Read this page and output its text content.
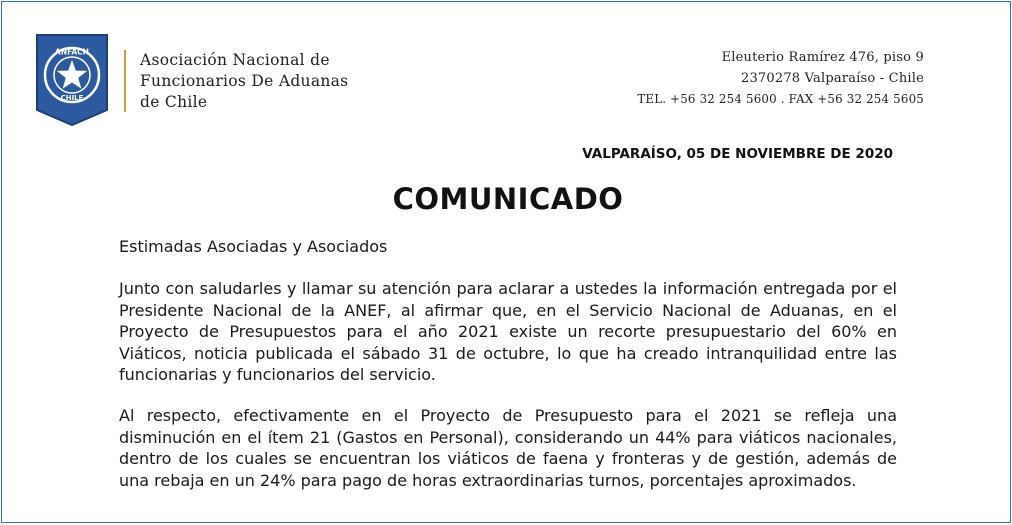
ANFACH
CHILE
Asociación Nacional de
Funcionarios De Aduanas
de Chile
Eleuterio Ramírez 476, piso 9
2370278 Valparaíso - Chile
TEL. +56 32 254 5600 . FAX +56 32 254 5605
VALPARAÍSO, 05 DE NOVIEMBRE DE 2020
COMUNICADO
Estimadas Asociadas y Asociados
Junto con saludarles y llamar su atención para aclarar a ustedes la información entregada por el Presidente Nacional de la ANEF, al afirmar que, en el Servicio Nacional de Aduanas, en el Proyecto de Presupuestos para el año 2021 existe un recorte presupuestario del 60% en Viáticos, noticia publicada el sábado 31 de octubre, lo que ha creado intranquilidad entre las funcionarias y funcionarios del servicio.
Al respecto, efectivamente en el Proyecto de Presupuesto para el 2021 se refleja una disminución en el ítem 21 (Gastos en Personal), considerando un 44% para viáticos nacionales, dentro de los cuales se encuentran los viáticos de faena y fronteras y de gestión, además de una rebaja en un 24% para pago de horas extraordinarias turnos, porcentajes aproximados.
